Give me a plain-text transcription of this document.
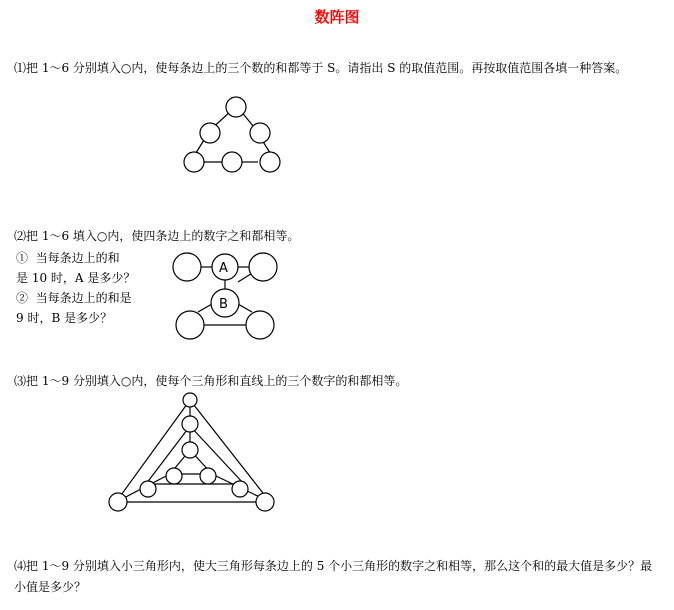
数阵图
⑴把 1～6 分别填入○内，使每条边上的三个数的和都等于 S。请指出 S 的取值范围。再按取值范围各填一种答案。
⑵把 1～6 填入○内，使四条边上的数字之和都相等。
① 当每条边上的和
是 10 时，A 是多少？
② 当每条边上的和是
9 时，B 是多少？
A
B
⑶把 1～9 分别填入○内，使每个三角形和直线上的三个数字的和都相等。
⑷把 1～9 分别填入小三角形内，使大三角形每条边上的 5 个小三角形的数字之和相等，那么这个和的最大值是多少？最小值是多少？
